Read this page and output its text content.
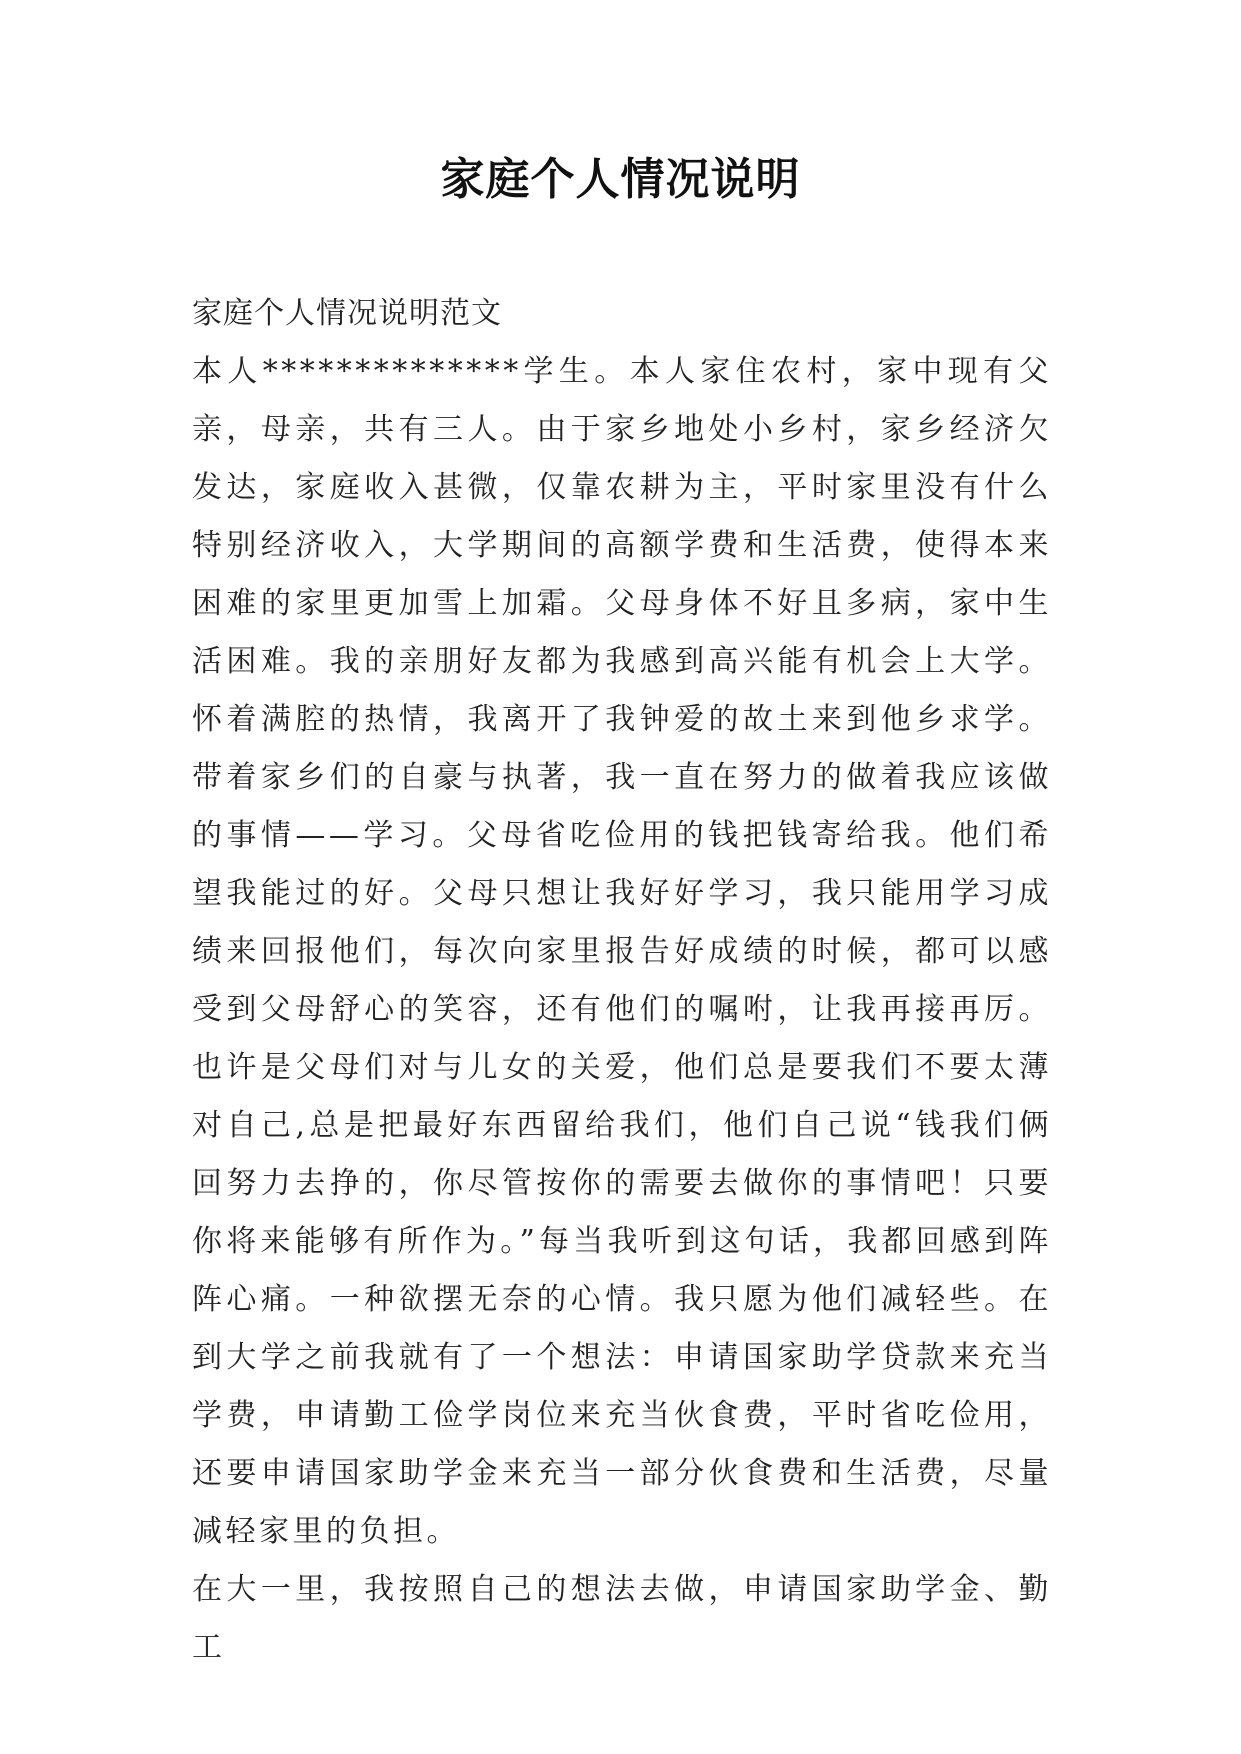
家庭个人情况说明

家庭个人情况说明范文

本人**************学生。本人家住农村，家中现有父亲，母亲，共有三人。由于家乡地处小乡村，家乡经济欠发达，家庭收入甚微，仅靠农耕为主，平时家里没有什么特别经济收入，大学期间的高额学费和生活费，使得本来困难的家里更加雪上加霜。父母身体不好且多病，家中生活困难。我的亲朋好友都为我感到高兴能有机会上大学。怀着满腔的热情，我离开了我钟爱的故土来到他乡求学。带着家乡们的自豪与执著，我一直在努力的做着我应该做的事情——学习。父母省吃俭用的钱把钱寄给我。他们希望我能过的好。父母只想让我好好学习，我只能用学习成绩来回报他们，每次向家里报告好成绩的时候，都可以感受到父母舒心的笑容，还有他们的嘱咐，让我再接再厉。也许是父母们对与儿女的关爱，他们总是要我们不要太薄对自己,总是把最好东西留给我们，他们自己说“钱我们俩回努力去挣的，你尽管按你的需要去做你的事情吧！只要你将来能够有所作为。”每当我听到这句话，我都回感到阵阵心痛。一种欲摆无奈的心情。我只愿为他们减轻些。在到大学之前我就有了一个想法：申请国家助学贷款来充当学费，申请勤工俭学岗位来充当伙食费，平时省吃俭用，还要申请国家助学金来充当一部分伙食费和生活费，尽量减轻家里的负担。

在大一里，我按照自己的想法去做，申请国家助学金、勤工
